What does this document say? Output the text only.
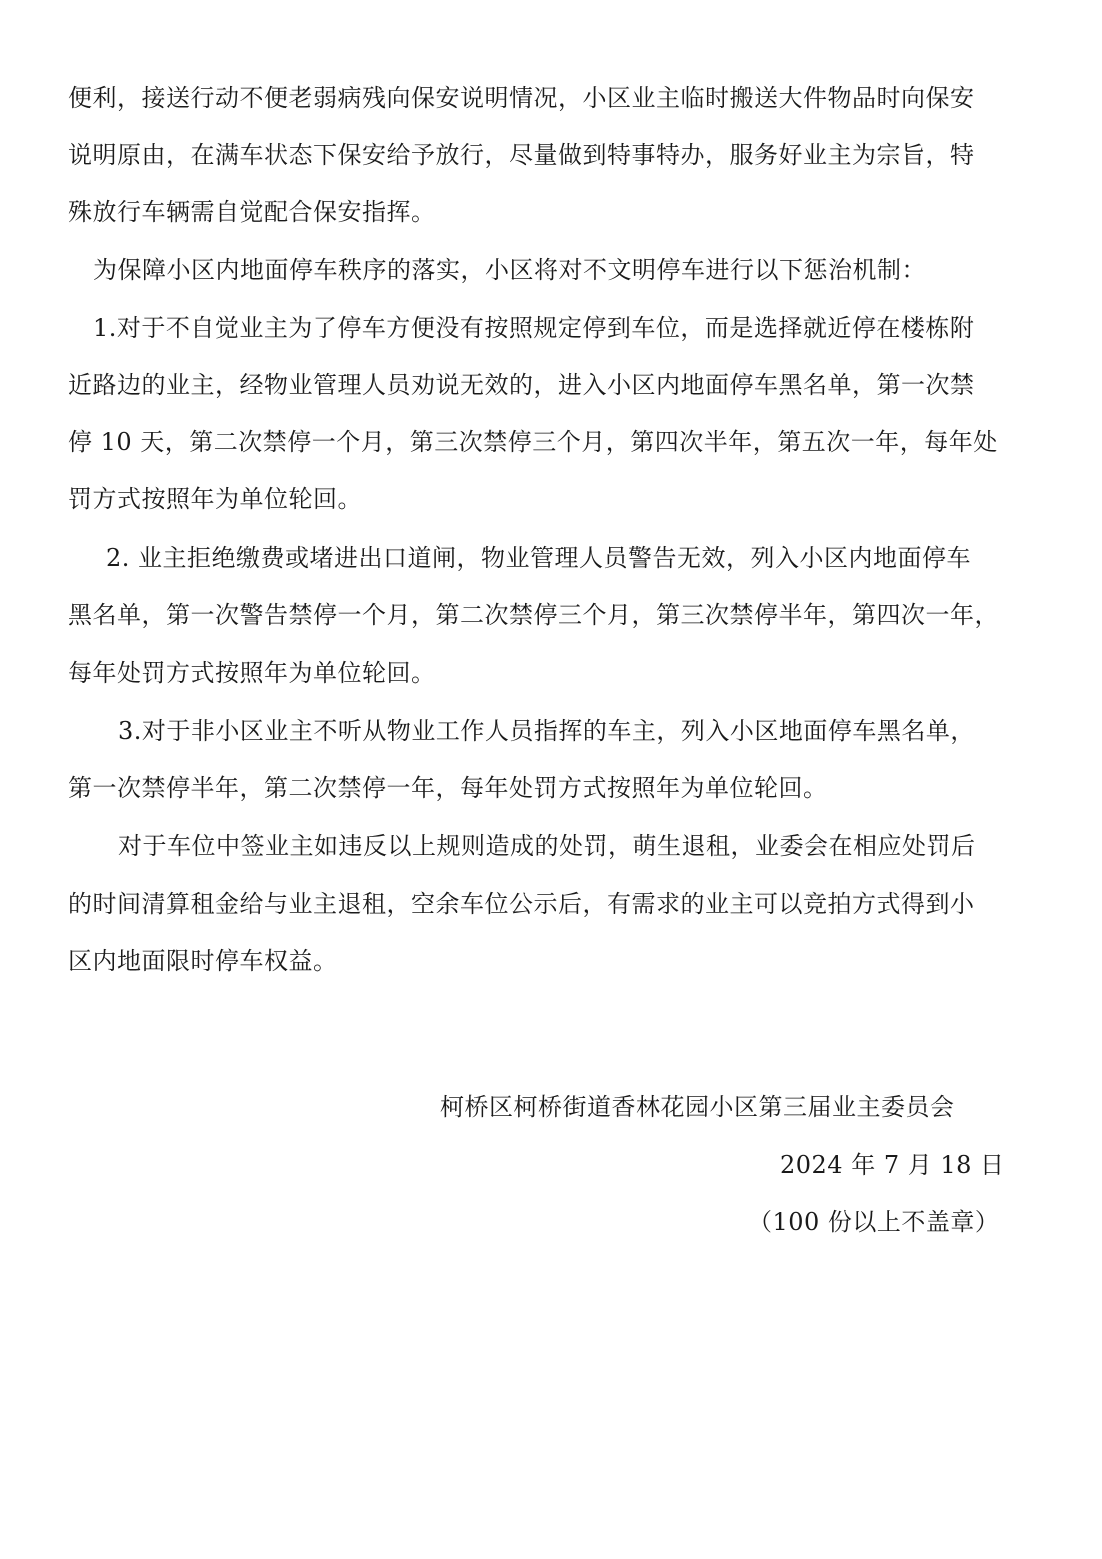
便利，接送行动不便老弱病残向保安说明情况，小区业主临时搬送大件物品时向保安
说明原由，在满车状态下保安给予放行，尽量做到特事特办，服务好业主为宗旨，特
殊放行车辆需自觉配合保安指挥。
为保障小区内地面停车秩序的落实，小区将对不文明停车进行以下惩治机制：
1.对于不自觉业主为了停车方便没有按照规定停到车位，而是选择就近停在楼栋附
近路边的业主，经物业管理人员劝说无效的，进入小区内地面停车黑名单，第一次禁
停 10 天，第二次禁停一个月，第三次禁停三个月，第四次半年，第五次一年，每年处
罚方式按照年为单位轮回。
2. 业主拒绝缴费或堵进出口道闸，物业管理人员警告无效，列入小区内地面停车
黑名单，第一次警告禁停一个月，第二次禁停三个月，第三次禁停半年，第四次一年，
每年处罚方式按照年为单位轮回。
3.对于非小区业主不听从物业工作人员指挥的车主，列入小区地面停车黑名单，
第一次禁停半年，第二次禁停一年，每年处罚方式按照年为单位轮回。
对于车位中签业主如违反以上规则造成的处罚，萌生退租，业委会在相应处罚后
的时间清算租金给与业主退租，空余车位公示后，有需求的业主可以竞拍方式得到小
区内地面限时停车权益。
柯桥区柯桥街道香林花园小区第三届业主委员会
2024 年 7 月 18 日
（100 份以上不盖章）
